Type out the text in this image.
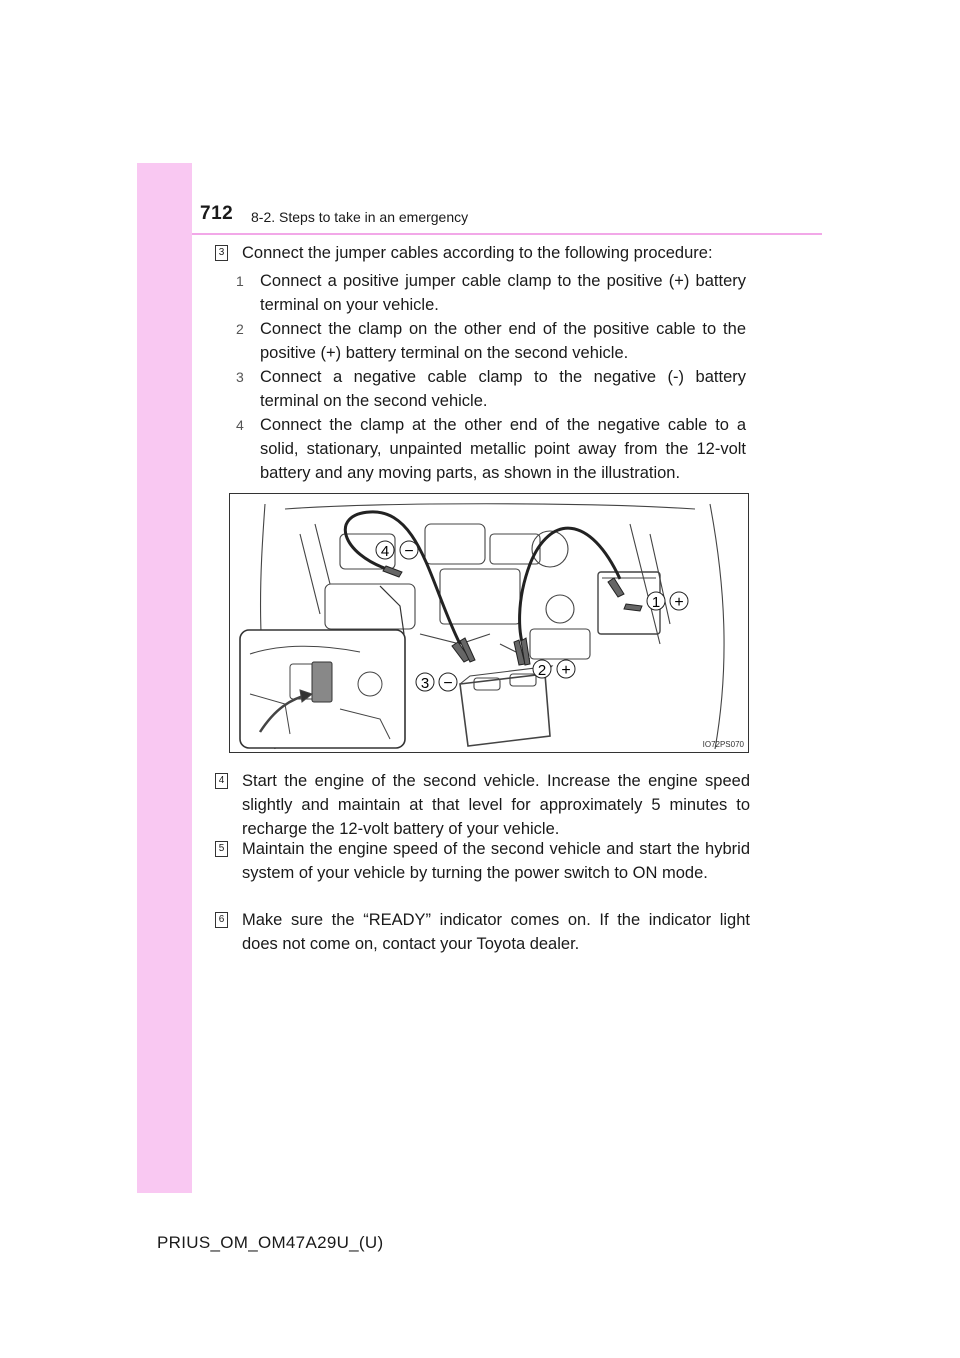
712 8-2. Steps to take in an emergency
3 Connect the jumper cables according to the following procedure:
1 Connect a positive jumper cable clamp to the positive (+) battery terminal on your vehicle.
2 Connect the clamp on the other end of the positive cable to the positive (+) battery terminal on the second vehicle.
3 Connect a negative cable clamp to the negative (-) battery terminal on the second vehicle.
4 Connect the clamp at the other end of the negative cable to a solid, stationary, unpainted metallic point away from the 12-volt battery and any moving parts, as shown in the illustration.
1 +
2 +
3 −
4 −
IO72PS070
4 Start the engine of the second vehicle. Increase the engine speed slightly and maintain at that level for approximately 5 minutes to recharge the 12-volt battery of your vehicle.
5 Maintain the engine speed of the second vehicle and start the hybrid system of your vehicle by turning the power switch to ON mode.
6 Make sure the “READY” indicator comes on. If the indicator light does not come on, contact your Toyota dealer.
PRIUS_OM_OM47A29U_(U)
